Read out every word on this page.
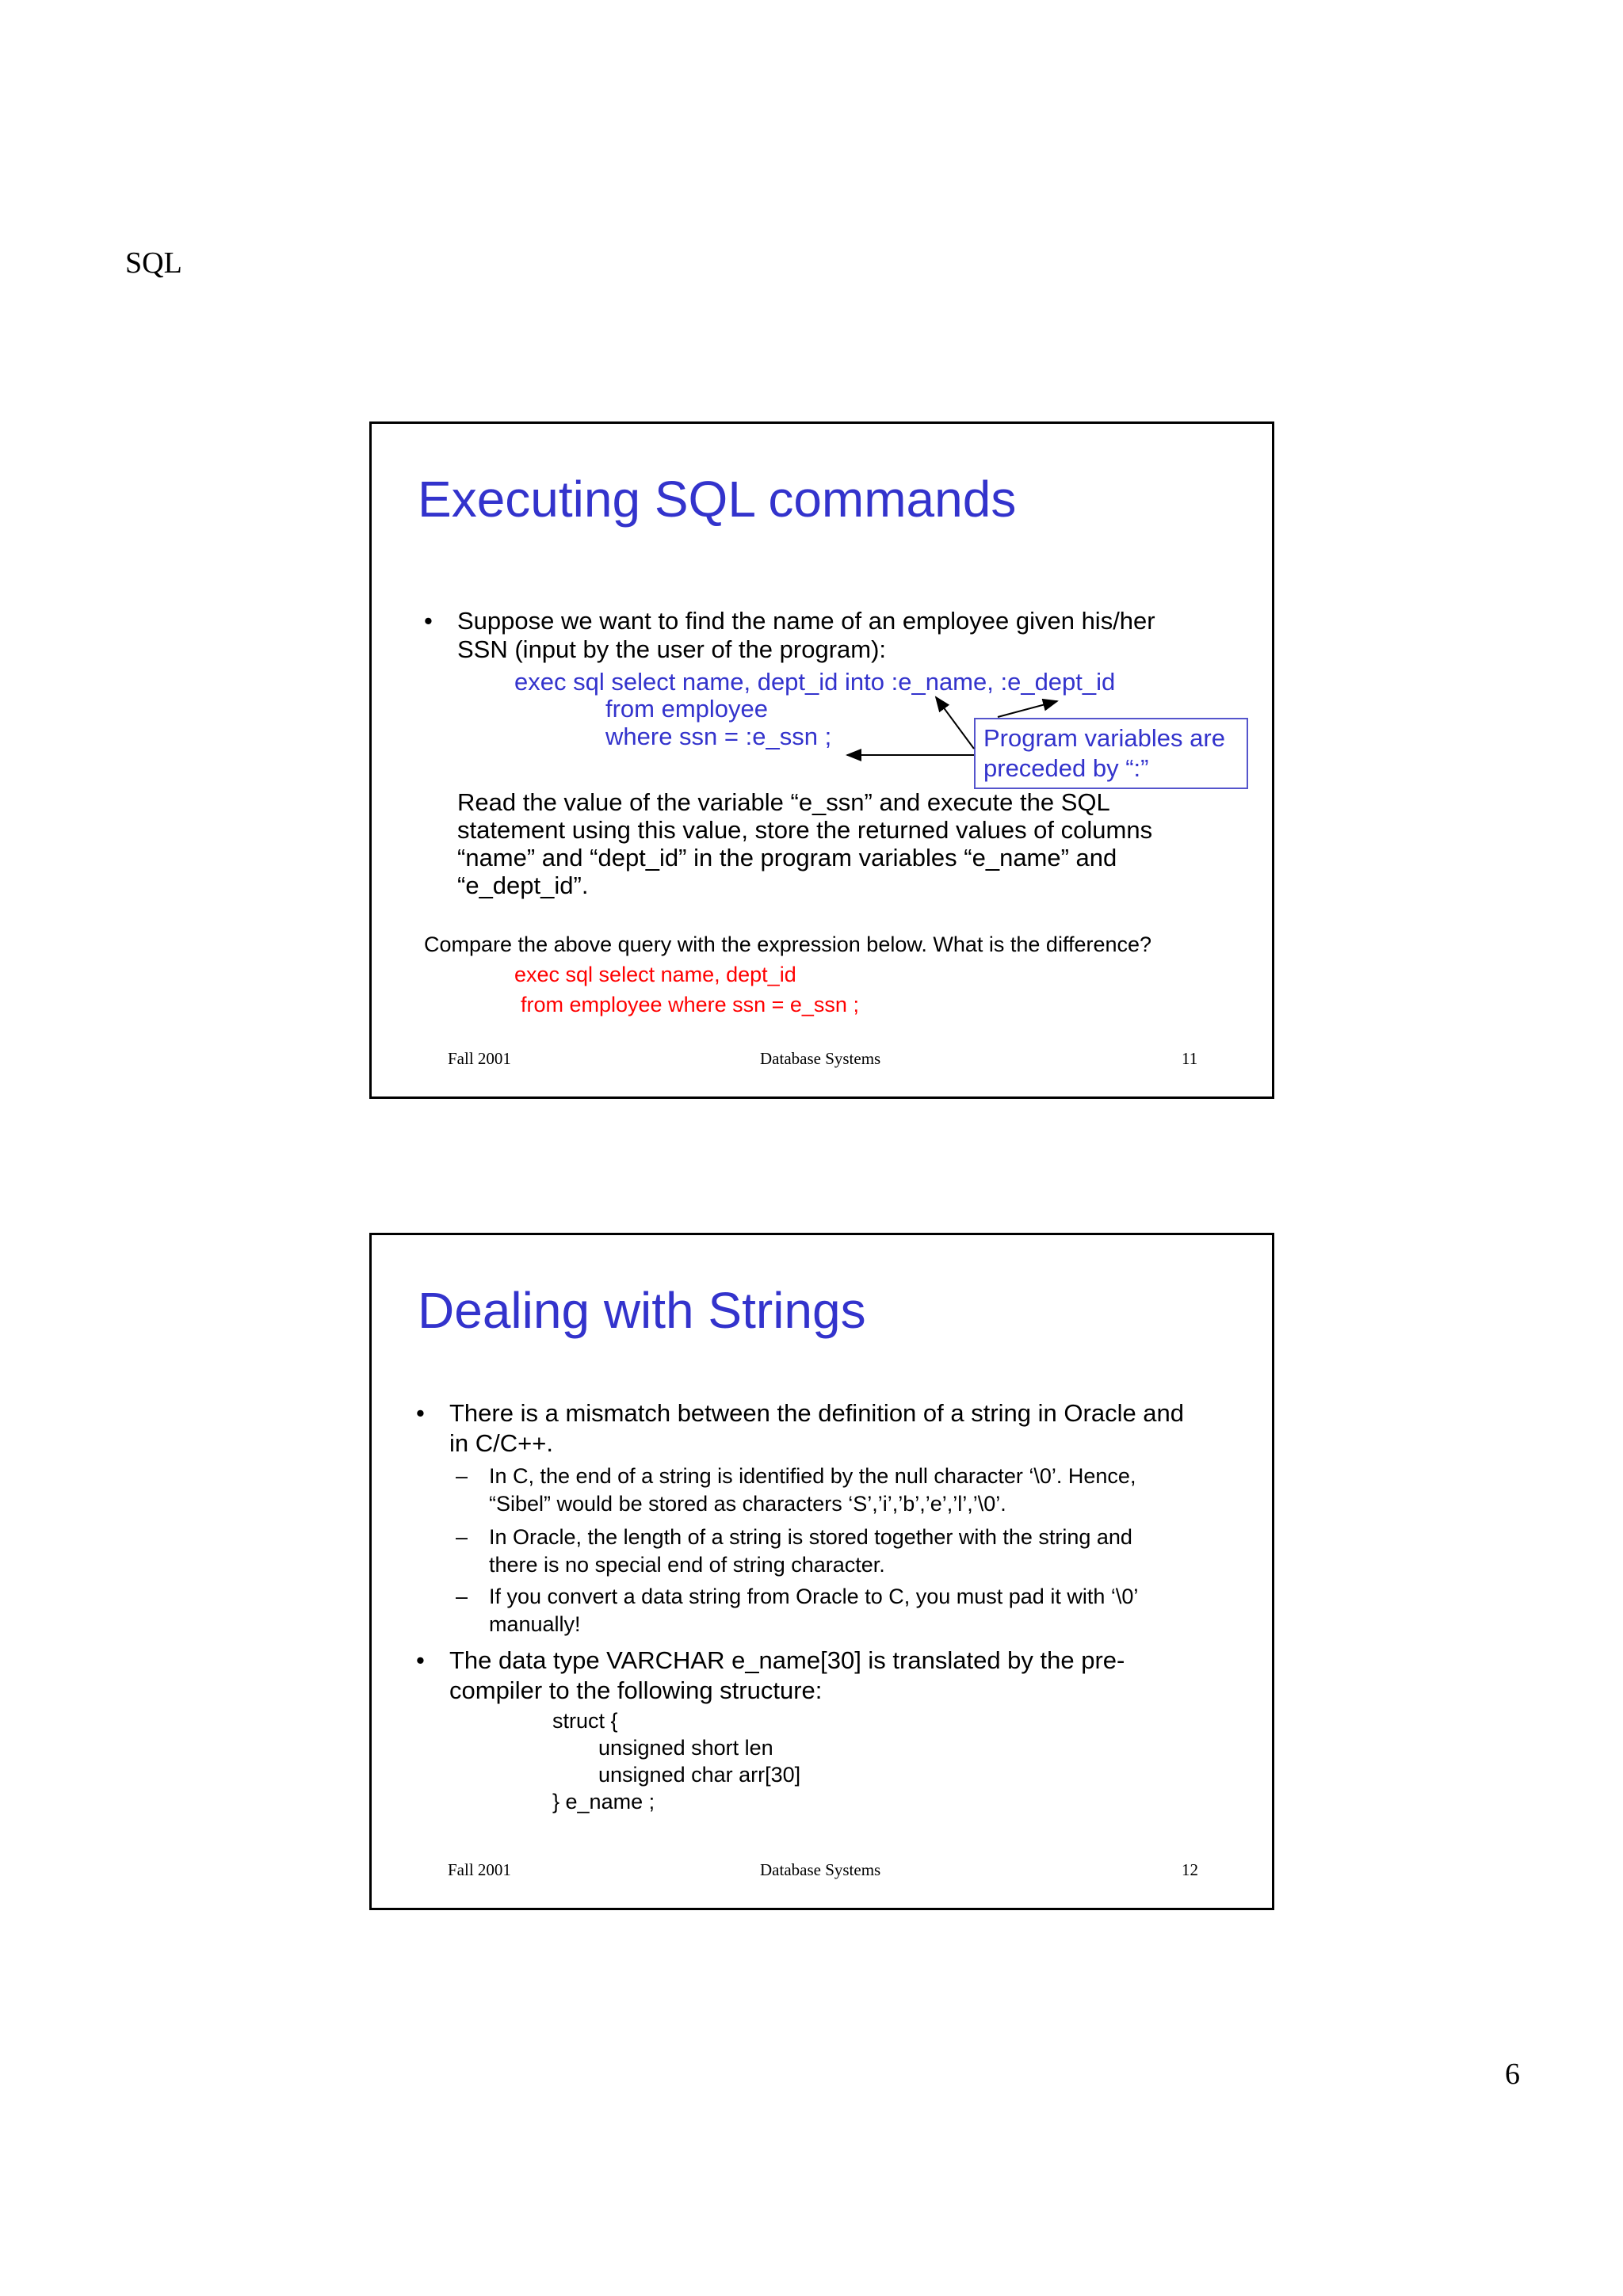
SQL
Executing SQL commands
• Suppose we want to find the name of an employee given his/her
SSN (input by the user of the program):
exec sql select name, dept_id into :e_name, :e_dept_id
from employee
where ssn = :e_ssn ;	Program variables are
preceded by “:”
Read the value of the variable “e_ssn” and execute the SQL
statement using this value, store the returned values of columns
“name” and “dept_id” in the program variables “e_name” and
“e_dept_id”.
Compare the above query with the expression below. What is the difference?
exec sql select name, dept_id
from employee where ssn = e_ssn ;
Fall 2001	Database Systems	11
Dealing with Strings
• There is a mismatch between the definition of a string in Oracle and
in C/C++.
– In C, the end of a string is identified by the null character ‘\0’. Hence,
“Sibel” would be stored as characters ‘S’,’i’,’b’,’e’,’l’,’\0’.
– In Oracle, the length of a string is stored together with the string and
there is no special end of string character.
– If you convert a data string from Oracle to C, you must pad it with ‘\0’
manually!
• The data type VARCHAR e_name[30] is translated by the pre-
compiler to the following structure:
struct {
unsigned short len
unsigned char arr[30]
} e_name ;
Fall 2001	Database Systems	12
6
